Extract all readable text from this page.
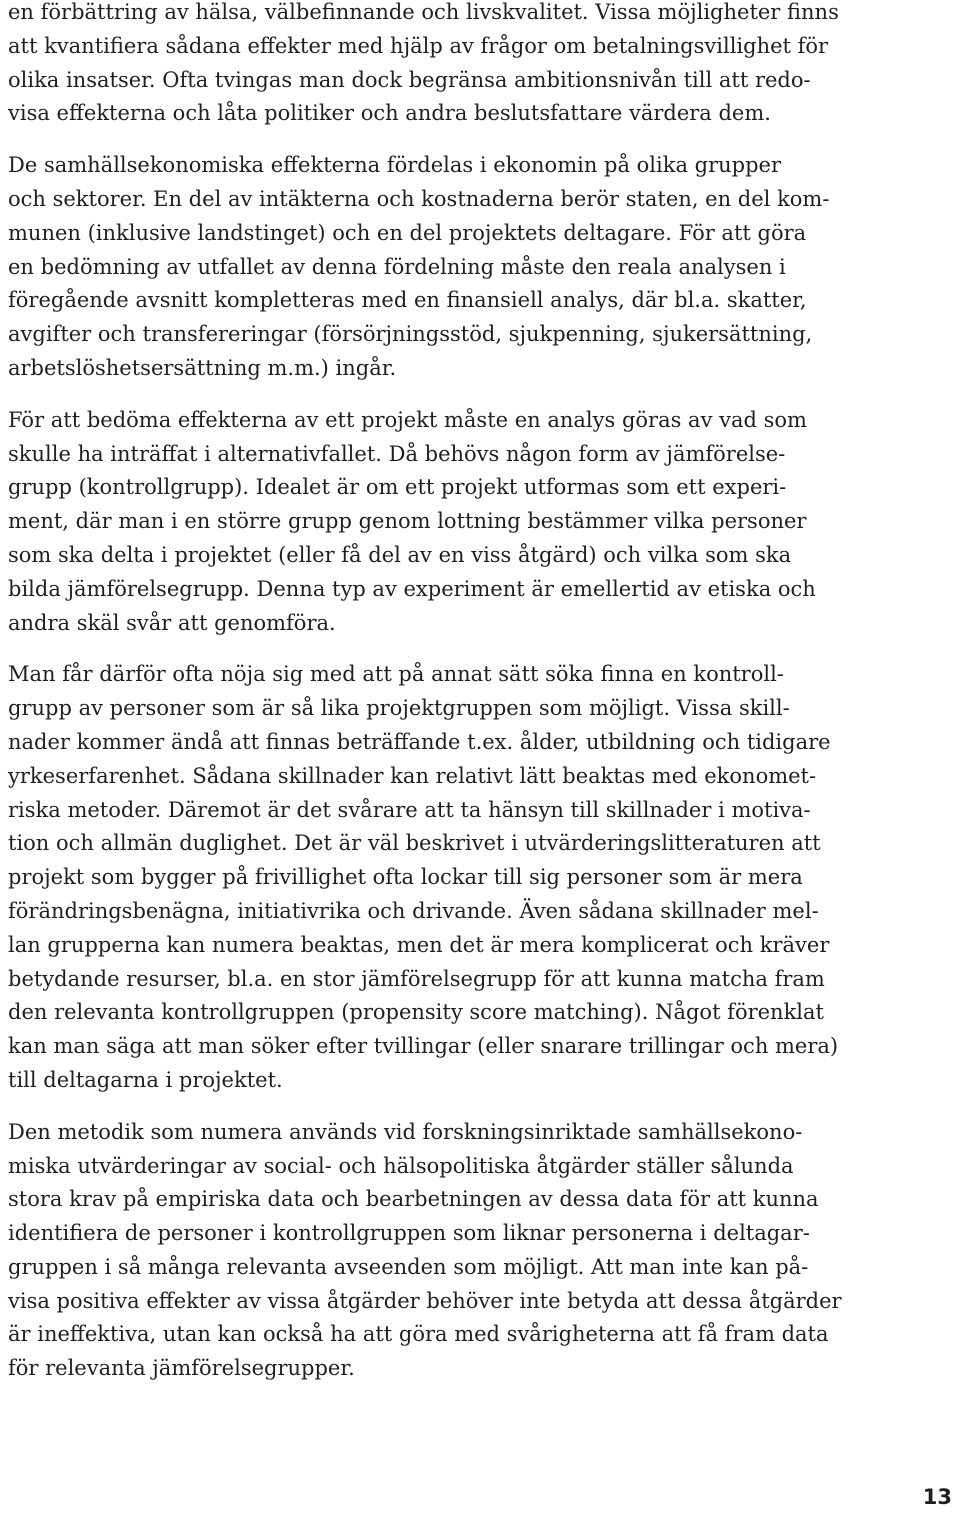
en förbättring av hälsa, välbefinnande och livskvalitet. Vissa möjligheter finns
att kvantifiera sådana effekter med hjälp av frågor om betalningsvillighet för
olika insatser. Ofta tvingas man dock begränsa ambitionsnivån till att redo-
visa effekterna och låta politiker och andra beslutsfattare värdera dem.

De samhällsekonomiska effekterna fördelas i ekonomin på olika grupper
och sektorer. En del av intäkterna och kostnaderna berör staten, en del kom-
munen (inklusive landstinget) och en del projektets deltagare. För att göra
en bedömning av utfallet av denna fördelning måste den reala analysen i
föregående avsnitt kompletteras med en finansiell analys, där bl.a. skatter,
avgifter och transfereringar (försörjningsstöd, sjukpenning, sjukersättning,
arbetslöshetsersättning m.m.) ingår.

För att bedöma effekterna av ett projekt måste en analys göras av vad som
skulle ha inträffat i alternativfallet. Då behövs någon form av jämförelse-
grupp (kontrollgrupp). Idealet är om ett projekt utformas som ett experi-
ment, där man i en större grupp genom lottning bestämmer vilka personer
som ska delta i projektet (eller få del av en viss åtgärd) och vilka som ska
bilda jämförelsegrupp. Denna typ av experiment är emellertid av etiska och
andra skäl svår att genomföra.

Man får därför ofta nöja sig med att på annat sätt söka finna en kontroll-
grupp av personer som är så lika projektgruppen som möjligt. Vissa skill-
nader kommer ändå att finnas beträffande t.ex. ålder, utbildning och tidigare
yrkeserfarenhet. Sådana skillnader kan relativt lätt beaktas med ekonomet-
riska metoder. Däremot är det svårare att ta hänsyn till skillnader i motiva-
tion och allmän duglighet. Det är väl beskrivet i utvärderingslitteraturen att
projekt som bygger på frivillighet ofta lockar till sig personer som är mera
förändringsbenägna, initiativrika och drivande. Även sådana skillnader mel-
lan grupperna kan numera beaktas, men det är mera komplicerat och kräver
betydande resurser, bl.a. en stor jämförelsegrupp för att kunna matcha fram
den relevanta kontrollgruppen (propensity score matching). Något förenklat
kan man säga att man söker efter tvillingar (eller snarare trillingar och mera)
till deltagarna i projektet.

Den metodik som numera används vid forskningsinriktade samhällsekono-
miska utvärderingar av social- och hälsopolitiska åtgärder ställer sålunda
stora krav på empiriska data och bearbetningen av dessa data för att kunna
identifiera de personer i kontrollgruppen som liknar personerna i deltagar-
gruppen i så många relevanta avseenden som möjligt. Att man inte kan på-
visa positiva effekter av vissa åtgärder behöver inte betyda att dessa åtgärder
är ineffektiva, utan kan också ha att göra med svårigheterna att få fram data
för relevanta jämförelsegrupper.

13
